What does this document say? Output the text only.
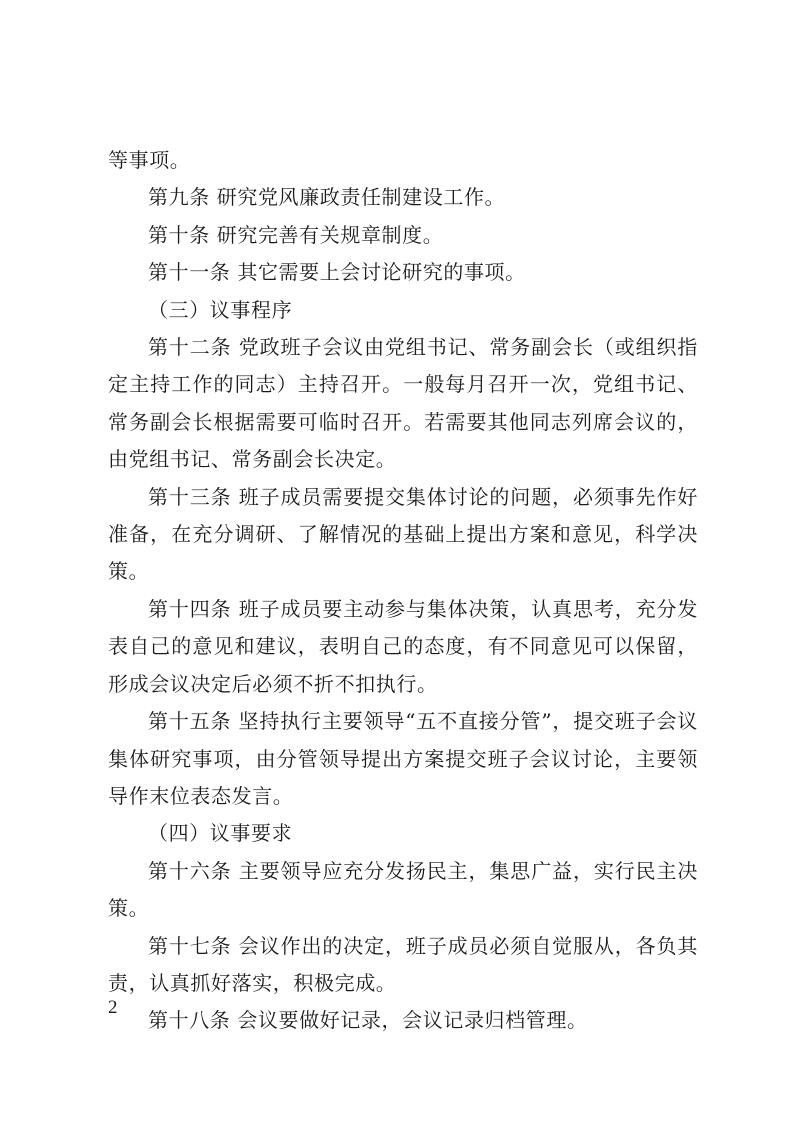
等事项。

第九条 研究党风廉政责任制建设工作。

第十条 研究完善有关规章制度。

第十一条 其它需要上会讨论研究的事项。

（三）议事程序

第十二条 党政班子会议由党组书记、常务副会长（或组织指定主持工作的同志）主持召开。一般每月召开一次，党组书记、常务副会长根据需要可临时召开。若需要其他同志列席会议的，由党组书记、常务副会长决定。

第十三条 班子成员需要提交集体讨论的问题，必须事先作好准备，在充分调研、了解情况的基础上提出方案和意见，科学决策。

第十四条 班子成员要主动参与集体决策，认真思考，充分发表自己的意见和建议，表明自己的态度，有不同意见可以保留，形成会议决定后必须不折不扣执行。

第十五条 坚持执行主要领导“五不直接分管”，提交班子会议集体研究事项，由分管领导提出方案提交班子会议讨论，主要领导作末位表态发言。

（四）议事要求

第十六条 主要领导应充分发扬民主，集思广益，实行民主决策。

第十七条 会议作出的决定，班子成员必须自觉服从，各负其责，认真抓好落实，积极完成。

第十八条 会议要做好记录，会议记录归档管理。

2
